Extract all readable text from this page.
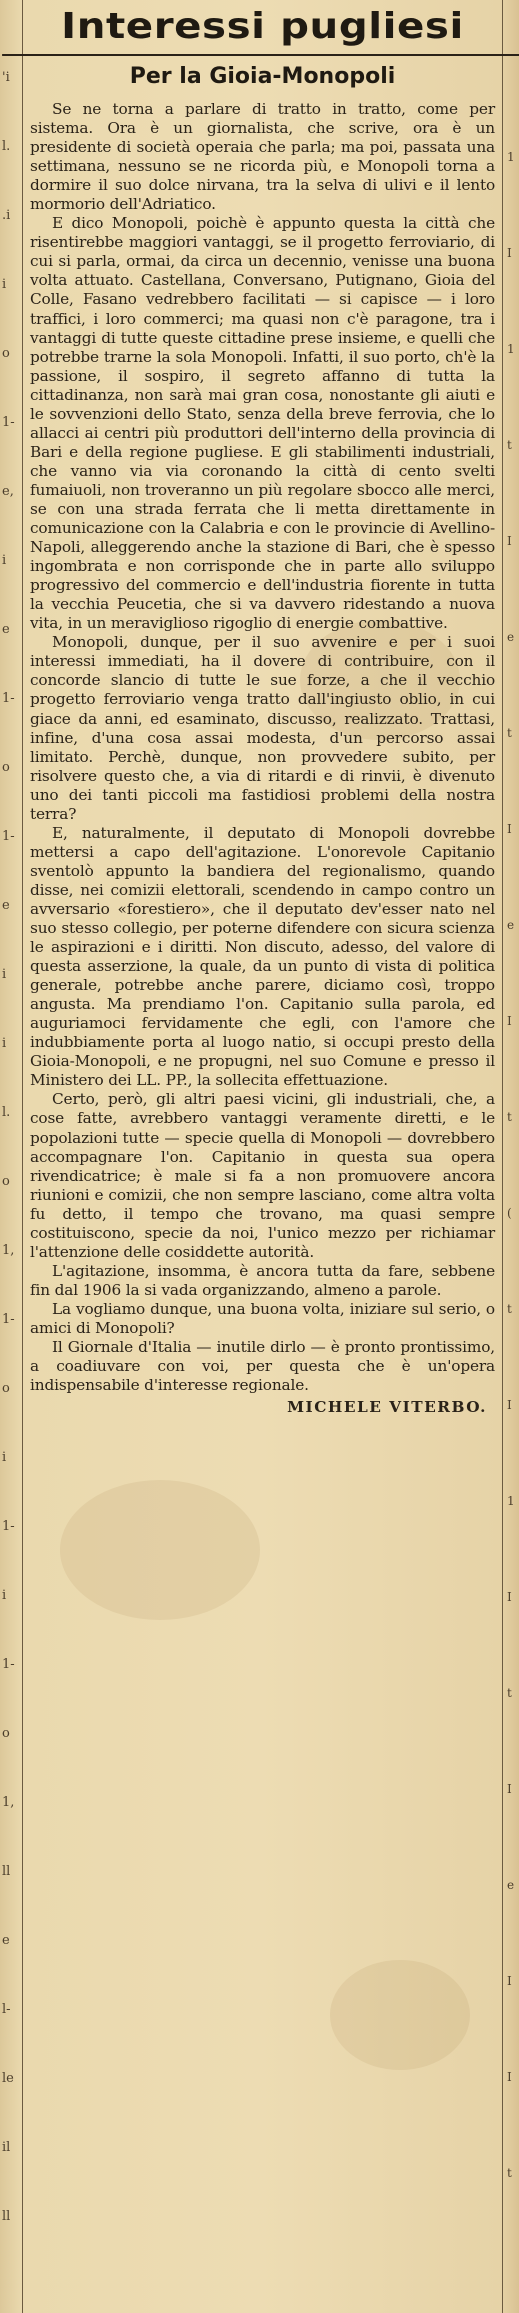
'i
l.
.i
i
o
1-
e,
i
e
1-
o
1-
e
i
i
l.
o
1,
1-
o
i
1-
i
1-
o
1,
ll
e
l-
le
il
ll
1
I
1
t
I
e
t
I
e
I
t
(
t
I
1
I
t
I
e
I
I
t
Interessi pugliesi
Per la Gioia-Monopoli

Se ne torna a parlare di tratto in tratto, come per sistema. Ora è un giornalista, che scrive, ora è un presidente di società operaia che parla; ma poi, passata una settimana, nessuno se ne ricorda più, e Monopoli torna a dormire il suo dolce nirvana, tra la selva di ulivi e il lento mormorio dell'Adriatico.

E dico Monopoli, poichè è appunto questa la città che risentirebbe maggiori vantaggi, se il progetto ferroviario, di cui si parla, ormai, da circa un decennio, venisse una buona volta attuato. Castellana, Conversano, Putignano, Gioia del Colle, Fasano vedrebbero facilitati — si capisce — i loro traffici, i loro commerci; ma quasi non c'è paragone, tra i vantaggi di tutte queste cittadine prese insieme, e quelli che potrebbe trarne la sola Monopoli. Infatti, il suo porto, ch'è la passione, il sospiro, il segreto affanno di tutta la cittadinanza, non sarà mai gran cosa, nonostante gli aiuti e le sovvenzioni dello Stato, senza della breve ferrovia, che lo allacci ai centri più produttori dell'interno della provincia di Bari e della regione pugliese. E gli stabilimenti industriali, che vanno via via coronando la città di cento svelti fumaiuoli, non troveranno un più regolare sbocco alle merci, se con una strada ferrata che li metta direttamente in comunicazione con la Calabria e con le provincie di Avellino-Napoli, alleggerendo anche la stazione di Bari, che è spesso ingombrata e non corrisponde che in parte allo sviluppo progressivo del commercio e dell'industria fiorente in tutta la vecchia Peucetia, che si va davvero ridestando a nuova vita, in un meraviglioso rigoglio di energie combattive.

Monopoli, dunque, per il suo avvenire e per i suoi interessi immediati, ha il dovere di contribuire, con il concorde slancio di tutte le sue forze, a che il vecchio progetto ferroviario venga tratto dall'ingiusto oblio, in cui giace da anni, ed esaminato, discusso, realizzato. Trattasi, infine, d'una cosa assai modesta, d'un percorso assai limitato. Perchè, dunque, non provvedere subito, per risolvere questo che, a via di ritardi e di rinvii, è divenuto uno dei tanti piccoli ma fastidiosi problemi della nostra terra?

E, naturalmente, il deputato di Monopoli dovrebbe mettersi a capo dell'agitazione. L'onorevole Capitanio sventolò appunto la bandiera del regionalismo, quando disse, nei comizii elettorali, scendendo in campo contro un avversario «forestiero», che il deputato dev'esser nato nel suo stesso collegio, per poterne difendere con sicura scienza le aspirazioni e i diritti. Non discuto, adesso, del valore di questa asserzione, la quale, da un punto di vista di politica generale, potrebbe anche parere, diciamo così, troppo angusta. Ma prendiamo l'on. Capitanio sulla parola, ed auguriamoci fervidamente che egli, con l'amore che indubbiamente porta al luogo natio, si occupi presto della Gioia-Monopoli, e ne propugni, nel suo Comune e presso il Ministero dei LL. PP., la sollecita effettuazione.

Certo, però, gli altri paesi vicini, gli industriali, che, a cose fatte, avrebbero vantaggi veramente diretti, e le popolazioni tutte — specie quella di Monopoli — dovrebbero accompagnare l'on. Capitanio in questa sua opera rivendicatrice; è male si fa a non promuovere ancora riunioni e comizii, che non sempre lasciano, come altra volta fu detto, il tempo che trovano, ma quasi sempre costituiscono, specie da noi, l'unico mezzo per richiamar l'attenzione delle cosiddette autorità.

L'agitazione, insomma, è ancora tutta da fare, sebbene fin dal 1906 la si vada organizzando, almeno a parole.

La vogliamo dunque, una buona volta, iniziare sul serio, o amici di Monopoli?

Il Giornale d'Italia — inutile dirlo — è pronto prontissimo, a coadiuvare con voi, per questa che è un'opera indispensabile d'interesse regionale.

MICHELE VITERBO.
